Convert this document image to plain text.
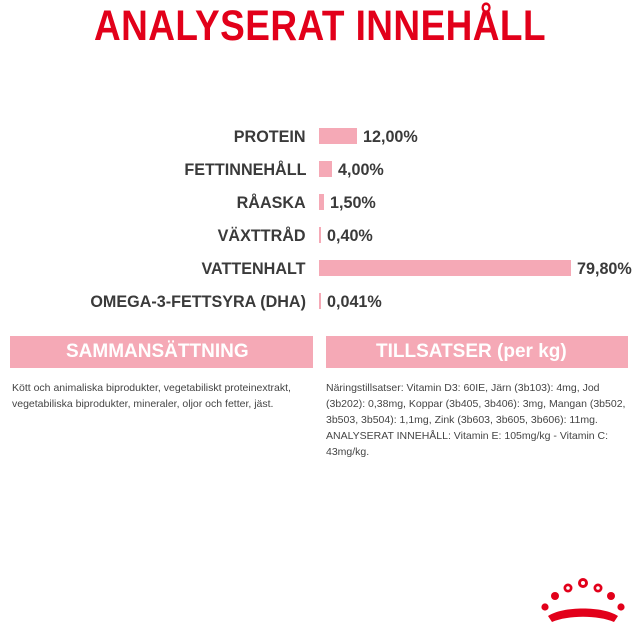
ANALYSERAT INNEHÅLL
PROTEIN	12,00%
FETTINNEHÅLL 4,00%
RÅASKA 1,50%
VÄXTTRÅD 0,40%
VATTENHALT	79,80%
OMEGA-3-FETTSYRA (DHA) 0,041%
SAMMANSÄTTNING
Kött och animaliska biprodukter, vegetabiliskt proteinextrakt, vegetabiliska biprodukter, mineraler, oljor och fetter, jäst.
TILLSATSER (per kg)
Näringstillsatser: Vitamin D3: 60IE, Järn (3b103): 4mg, Jod (3b202): 0,38mg, Koppar (3b405, 3b406): 3mg, Mangan (3b502, 3b503, 3b504): 1,1mg, Zink (3b603, 3b605, 3b606): 11mg. ANALYSERAT INNEHÅLL: Vitamin E: 105mg/kg - Vitamin C: 43mg/kg.
